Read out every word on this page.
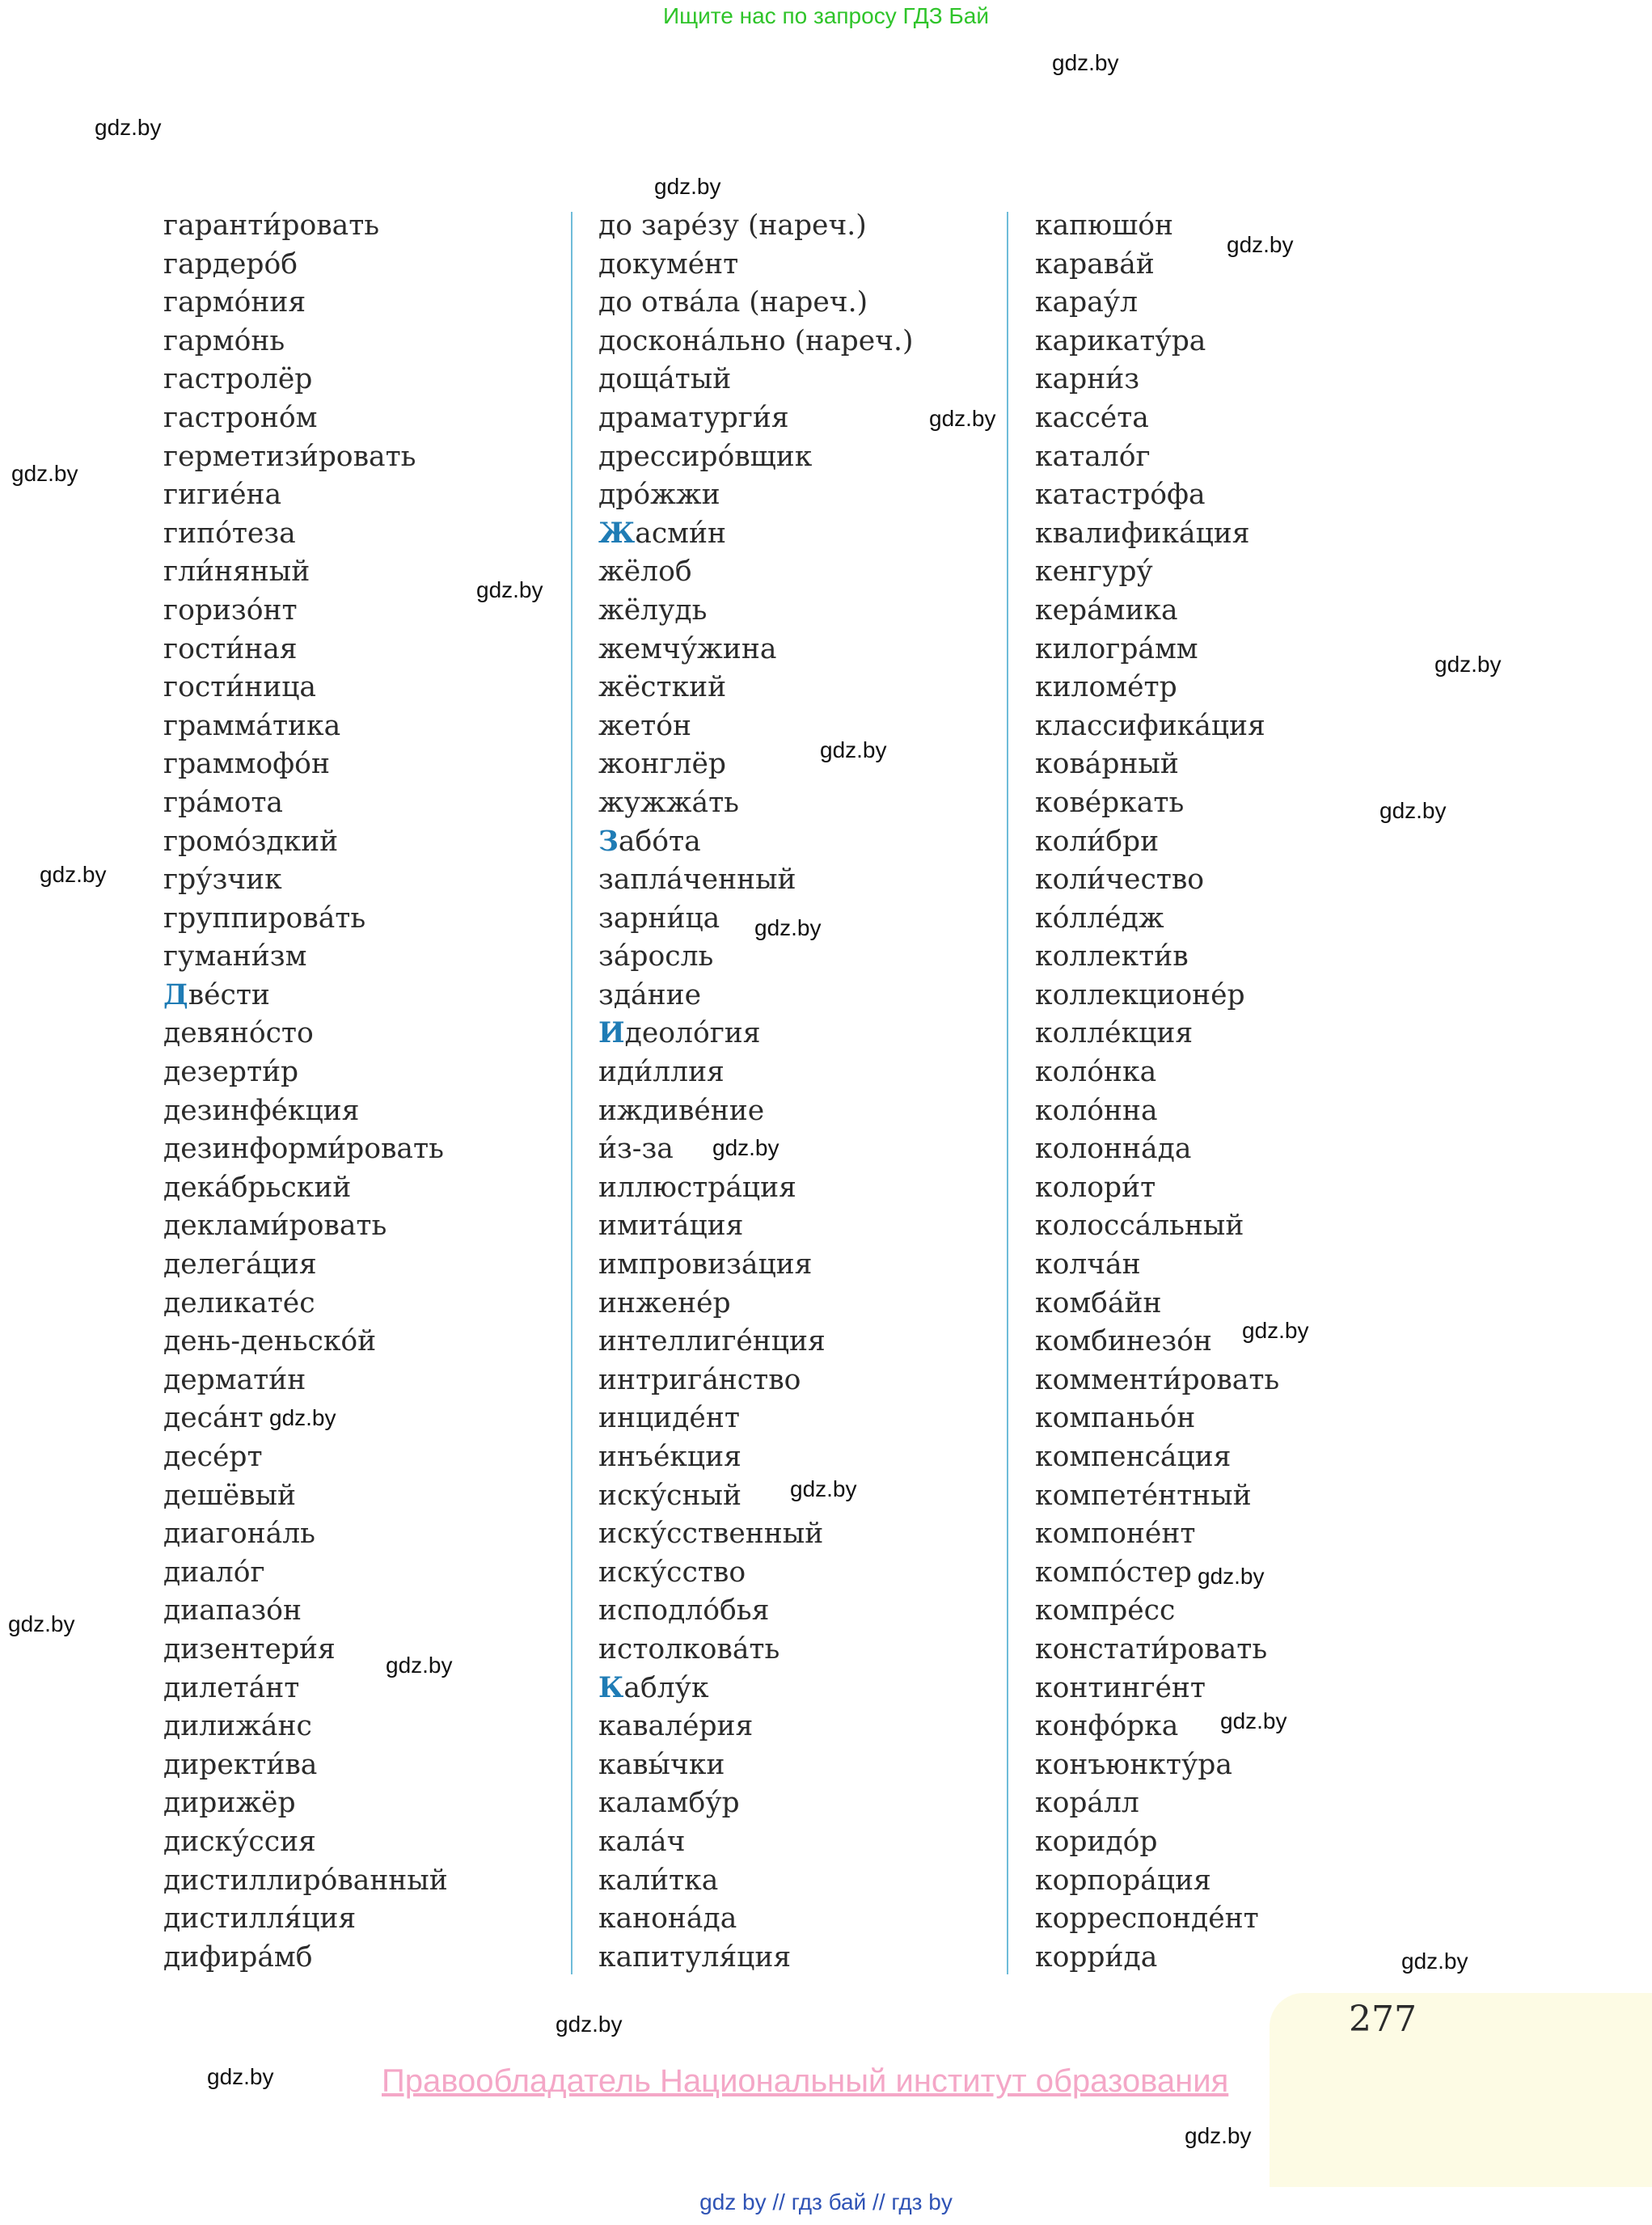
Ищите нас по запросу ГДЗ Бай
гаранти́ровать
гардеро́б
гармо́ния
гармо́нь
гастролёр
гастроно́м
герметизи́ровать
гигие́на
гипо́теза
гли́няный
горизо́нт
гости́ная
гости́ница
грамма́тика
граммофо́н
гра́мота
громо́здкий
гру́зчик
группирова́ть
гумани́зм
Две́сти
девяно́сто
дезерти́р
дезинфе́кция
дезинформи́ровать
дека́брьский
деклами́ровать
делега́ция
деликате́с
день-деньско́й
дермати́н
деса́нт
десе́рт
дешёвый
диагона́ль
диало́г
диапазо́н
дизентери́я
дилета́нт
дилижа́нс
директи́ва
дирижёр
диску́ссия
дистиллиро́ванный
дистилля́ция
дифира́мб
до заре́зу (нареч.)
докуме́нт
до отва́ла (нареч.)
доскона́льно (нареч.)
доща́тый
драматурги́я
дрессиро́вщик
дро́жжи
Жасми́н
жёлоб
жёлудь
жемчу́жина
жёсткий
жето́н
жонглёр
жужжа́ть
Забо́та
запла́ченный
зарни́ца
за́росль
зда́ние
Идеоло́гия
иди́ллия
иждиве́ние
и́з-за
иллюстра́ция
имита́ция
импровиза́ция
инжене́р
интеллиге́нция
интрига́нство
инциде́нт
инъе́кция
иску́сный
иску́сственный
иску́сство
исподло́бья
истолкова́ть
Каблу́к
кавале́рия
кавы́чки
каламбу́р
кала́ч
кали́тка
канона́да
капитуля́ция
капюшо́н
карава́й
карау́л
карикату́ра
карни́з
кассе́та
катало́г
катастро́фа
квалифика́ция
кенгуру́
кера́мика
килогра́мм
киломе́тр
классифика́ция
кова́рный
кове́ркать
коли́бри
коли́чество
ко́лле́дж
коллекти́в
коллекционе́р
колле́кция
коло́нка
коло́нна
колонна́да
колори́т
колосса́льный
колча́н
комба́йн
комбинезо́н
комменти́ровать
компаньо́н
компенса́ция
компете́нтный
компоне́нт
компо́стер
компре́сс
констати́ровать
континге́нт
конфо́рка
конъюнкту́ра
кора́лл
коридо́р
корпора́ция
корреспонде́нт
корри́да
gdz.by
gdz.by
gdz.by
gdz.by
gdz.by
gdz.by
gdz.by
gdz.by
gdz.by
gdz.by
gdz.by
gdz.by
gdz.by
gdz.by
gdz.by
gdz.by
gdz.by
gdz.by
gdz.by
gdz.by
277
gdz.by
gdz.by
gdz.by	Правообладатель Национальный институт образования
gdz.by
gdz by // гдз бай // гдз by
